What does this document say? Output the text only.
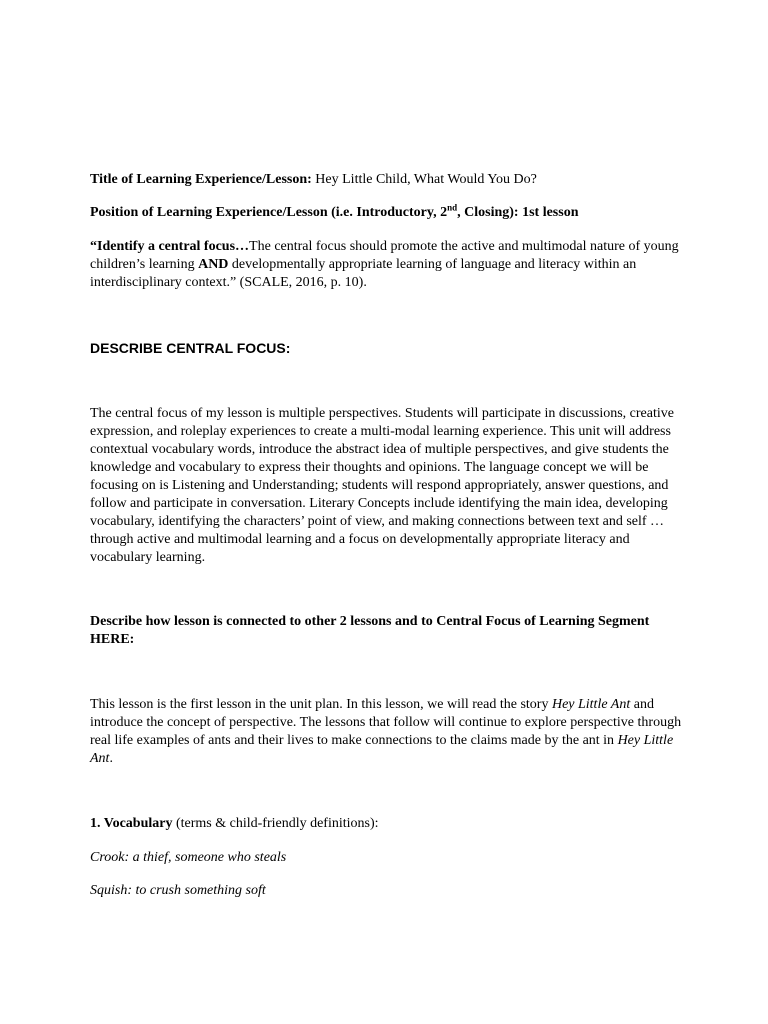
Title of Learning Experience/Lesson: Hey Little Child, What Would You Do?
Position of Learning Experience/Lesson (i.e. Introductory, 2nd, Closing): 1st lesson
“Identify a central focus…The central focus should promote the active and multimodal nature of young children’s learning AND developmentally appropriate learning of language and literacy within an interdisciplinary context.” (SCALE, 2016, p. 10).
DESCRIBE CENTRAL FOCUS:
The central focus of my lesson is multiple perspectives. Students will participate in discussions, creative expression, and roleplay experiences to create a multi-modal learning experience. This unit will address contextual vocabulary words, introduce the abstract idea of multiple perspectives, and give students the knowledge and vocabulary to express their thoughts and opinions. The language concept we will be focusing on is Listening and Understanding; students will respond appropriately, answer questions, and follow and participate in conversation. Literary Concepts include identifying the main idea, developing vocabulary, identifying the characters’ point of view, and making connections between text and self …through active and multimodal learning and a focus on developmentally appropriate literacy and vocabulary learning.
Describe how lesson is connected to other 2 lessons and to Central Focus of Learning Segment HERE:
This lesson is the first lesson in the unit plan. In this lesson, we will read the story Hey Little Ant and introduce the concept of perspective. The lessons that follow will continue to explore perspective through real life examples of ants and their lives to make connections to the claims made by the ant in Hey Little Ant.
1. Vocabulary (terms & child-friendly definitions):
Crook: a thief, someone who steals
Squish: to crush something soft
